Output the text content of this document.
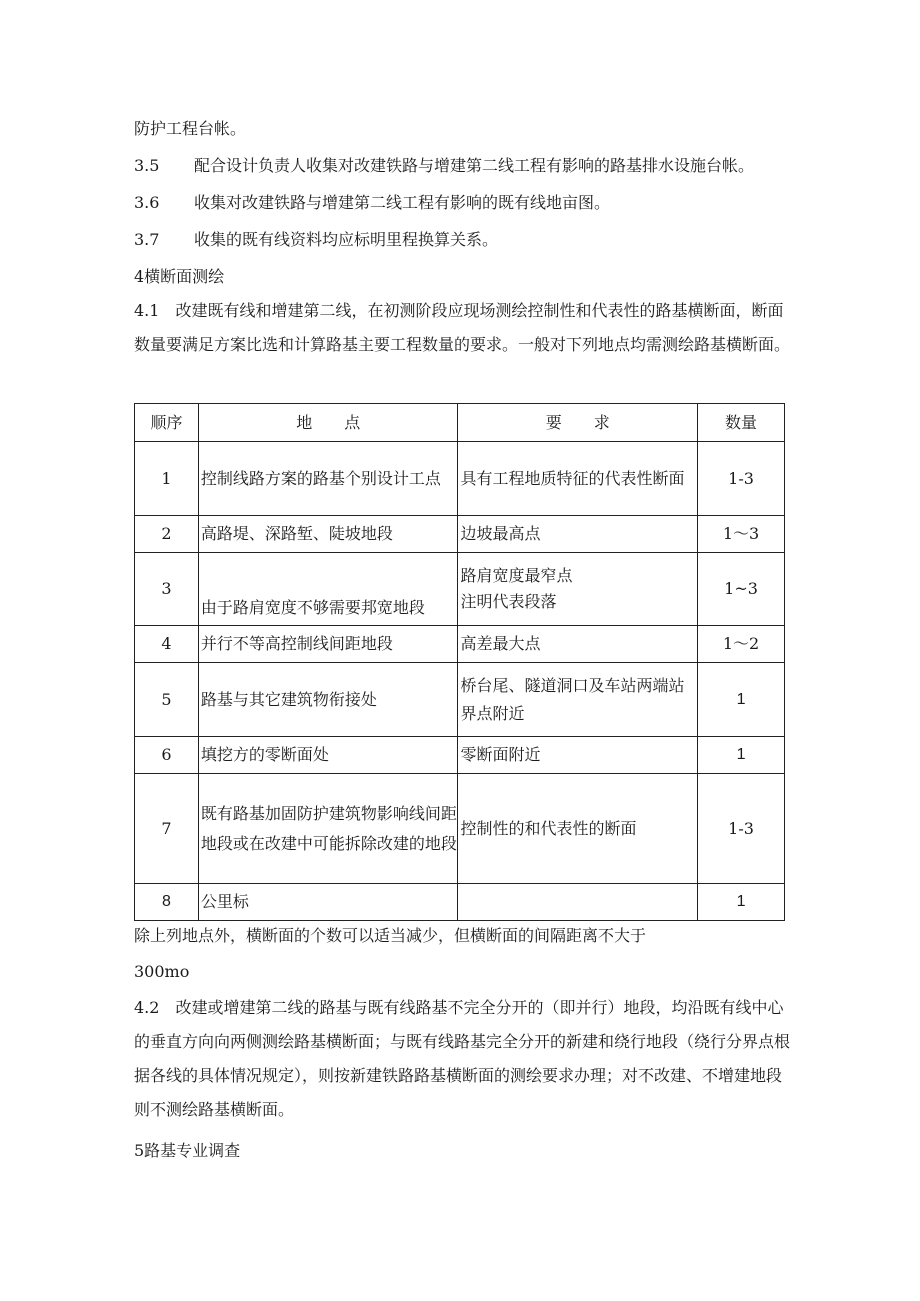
防护工程台帐。

3.5 配合设计负责人收集对改建铁路与增建第二线工程有影响的路基排水设施台帐。

3.6 收集对改建铁路与增建第二线工程有影响的既有线地亩图。

3.7 收集的既有线资料均应标明里程换算关系。

4横断面测绘

4.1　改建既有线和增建第二线，在初测阶段应现场测绘控制性和代表性的路基横断面，断面数量要满足方案比选和计算路基主要工程数量的要求。一般对下列地点均需测绘路基横断面。

顺序	地　　点	要　　求	数量
1	控制线路方案的路基个别设计工点	具有工程地质特征的代表性断面	1-3
2	高路堤、深路堑、陡坡地段	边坡最高点	1～3
3	由于路肩宽度不够需要邦宽地段	路肩宽度最窄点
注明代表段落	1~3
4	并行不等高控制线间距地段	高差最大点	1～2
5	路基与其它建筑物衔接处	桥台尾、隧道洞口及车站两端站界点附近	1
6	填挖方的零断面处	零断面附近	1
7	既有路基加固防护建筑物影响线间距地段或在改建中可能拆除改建的地段	控制性的和代表性的断面	1-3
8	公里标		1

除上列地点外，横断面的个数可以适当减少，但横断面的间隔距离不大于

300mo

4.2　改建或增建第二线的路基与既有线路基不完全分开的（即并行）地段，均沿既有线中心的垂直方向向两侧测绘路基横断面；与既有线路基完全分开的新建和绕行地段（绕行分界点根据各线的具体情况规定），则按新建铁路路基横断面的测绘要求办理；对不改建、不增建地段则不测绘路基横断面。

5路基专业调查
